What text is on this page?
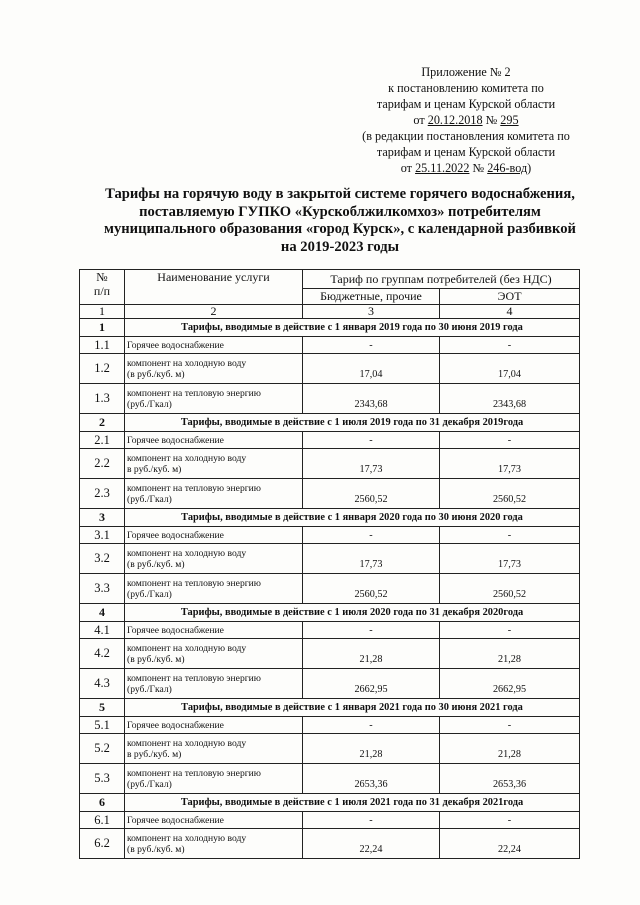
Приложение № 2
к постановлению комитета по
тарифам и ценам Курской области
от 20.12.2018 № 295
(в редакции постановления комитета по
тарифам и ценам Курской области
от 25.11.2022 № 246-вод)
Тарифы на горячую воду в закрытой системе горячего водоснабжения,
поставляемую ГУПКО «Курскоблжилкомхоз» потребителям
муниципального образования «город Курск», с календарной разбивкой
на 2019-2023 годы
№
п/п	Наименование услуги	Тариф по группам потребителей (без НДС)	
		Бюджетные, прочие	ЭОТ
1	2	3	4
1	Тарифы, вводимые в действие с 1 января 2019 года по 30 июня 2019 года		
1.1	Горячее водоснабжение	-	-
1.2	компонент на холодную воду
(в руб./куб. м)	17,04	17,04
1.3	компонент на тепловую энергию
(руб./Гкал)	2343,68	2343,68
2	Тарифы, вводимые в действие с 1 июля 2019 года по 31 декабря 2019года		
2.1	Горячее водоснабжение	-	-
2.2	компонент на холодную воду
в руб./куб. м)	17,73	17,73
2.3	компонент на тепловую энергию
(руб./Гкал)	2560,52	2560,52
3	Тарифы, вводимые в действие с 1 января 2020 года по 30 июня 2020 года		
3.1	Горячее водоснабжение	-	-
3.2	компонент на холодную воду
(в руб./куб. м)	17,73	17,73
3.3	компонент на тепловую энергию
(руб./Гкал)	2560,52	2560,52
4	Тарифы, вводимые в действие с 1 июля 2020 года по 31 декабря 2020года		
4.1	Горячее водоснабжение	-	-
4.2	компонент на холодную воду
(в руб./куб. м)	21,28	21,28
4.3	компонент на тепловую энергию
(руб./Гкал)	2662,95	2662,95
5	Тарифы, вводимые в действие с 1 января 2021 года по 30 июня 2021 года		
5.1	Горячее водоснабжение	-	-
5.2	компонент на холодную воду
в руб./куб. м)	21,28	21,28
5.3	компонент на тепловую энергию
(руб./Гкал)	2653,36	2653,36
6	Тарифы, вводимые в действие с 1 июля 2021 года по 31 декабря 2021года		
6.1	Горячее водоснабжение	-	-
6.2	компонент на холодную воду
(в руб./куб. м)	22,24	22,24
